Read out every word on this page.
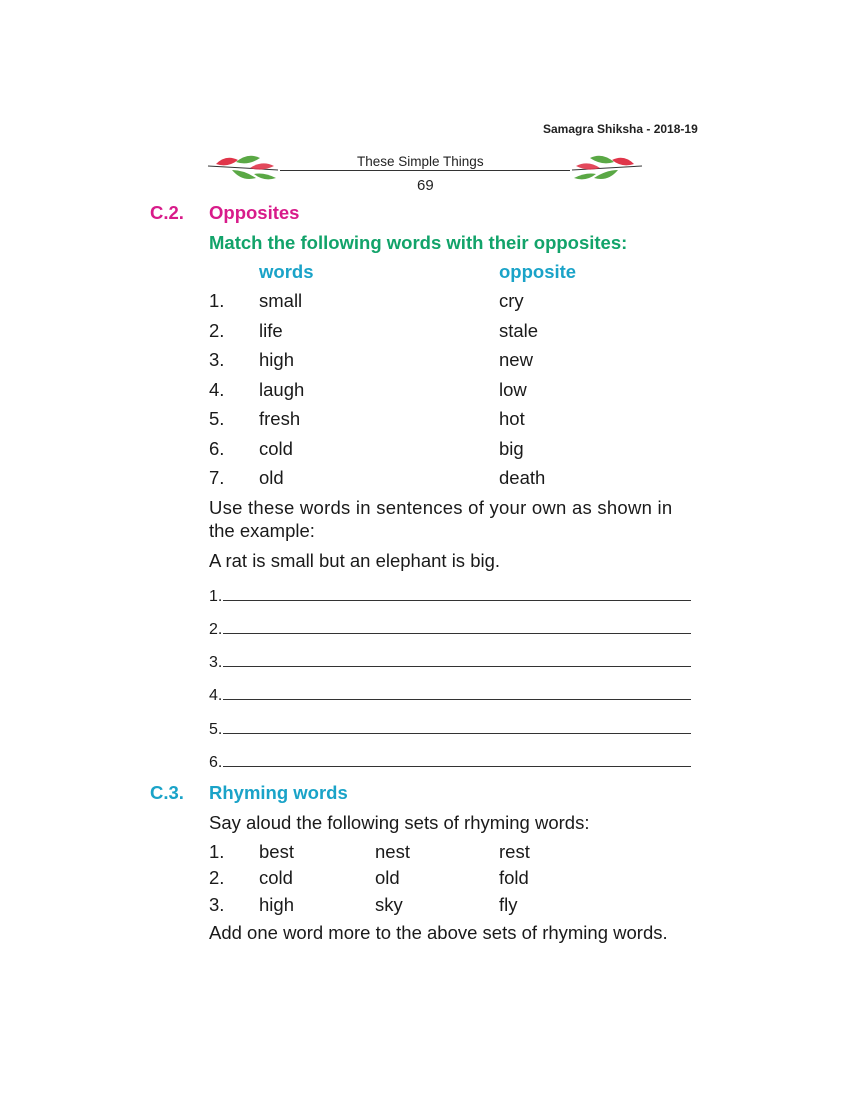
Samagra Shiksha - 2018-19
These Simple Things
69
C.2. Opposites
Match the following words with their opposites:
words	opposite
1. small	cry
2. life	stale
3. high	new
4. laugh	low
5. fresh	hot
6. cold	big
7. old	death
Use these words in sentences of your own as shown in
the example:
A rat is small but an elephant is big.
1.
2.
3.
4.
5.
6.
C.3. Rhyming words
Say aloud the following sets of rhyming words:
1. best	nest	rest
2. cold	old	fold
3. high	sky	fly
Add one word more to the above sets of rhyming words.
